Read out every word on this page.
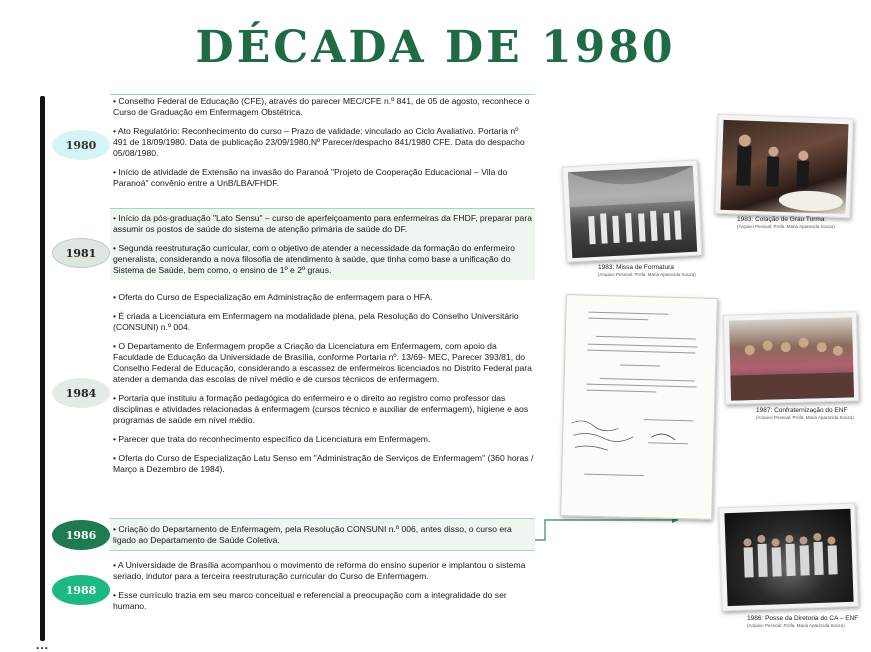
DÉCADA DE 1980
...
1980
1981
1984
1986
1988

• Conselho Federal de Educação (CFE), através do parecer MEC/CFE n.º 841, de 05 de agosto, reconhece o Curso de Graduação em Enfermagem Obstétrica.

• Ato Regulatório: Reconhecimento do curso – Prazo de validade: vinculado ao Ciclo Avaliativo. Portaria nº 491 de 18/09/1980. Data de publicação 23/09/1980.Nº Parecer/despacho 841/1980 CFE. Data do despacho 05/08/1980.

• Início de atividade de Extensão na invasão do Paranoá "Projeto de Cooperação Educacional – Vila do Paranoá" convênio entre a UnB/LBA/FHDF.

• Início da pós-graduação "Lato Sensu" – curso de aperfeiçoamento para enfermeiras da FHDF, preparar para assumir os postos de saúde do sistema de atenção primária de saúde do DF.

• Segunda reestruturação curricular, com o objetivo de atender a necessidade da formação do enfermeiro generalista, considerando a nova filosofia de atendimento à saúde, que tinha como base a unificação do Sistema de Saúde, bem como, o ensino de 1º e 2º graus.

• Oferta do Curso de Especialização em Administração de enfermagem para o HFA.

• É criada a Licenciatura em Enfermagem na modalidade plena, pela Resolução do Conselho Universitário (CONSUNI) n.º 004.

• O Departamento de Enfermagem propõe a Criação da Licenciatura em Enfermagem, com apoio da Faculdade de Educação da Universidade de Brasília, conforme Portaria nº. 13/69- MEC, Parecer 393/81, do Conselho Federal de Educação, considerando a escassez de enfermeiros licenciados no Distrito Federal para atender a demanda das escolas de nível médio e de cursos técnicos de enfermagem.

• Portaria que instituiu a formação pedagógica do enfermeiro e o direito ao registro como professor das disciplinas e atividades relacionadas à enfermagem (cursos técnico e auxiliar de enfermagem), higiene e aos programas de saúde em nível médio.

• Parecer que trata do reconhecimento específico da Licenciatura em Enfermagem.

• Oferta do Curso de Especialização Latu Senso em "Administração de Serviços de Enfermagem" (360 horas / Março a Dezembro de 1984).

• Criação do Departamento de Enfermagem, pela Resolução CONSUNI n.º 006, antes disso, o curso era ligado ao Departamento de Saúde Coletiva.

• A Universidade de Brasília acompanhou o movimento de reforma do ensino superior e implantou o sistema seriado, indutor para a terceira reestruturação curricular do Curso de Enfermagem.

• Esse currículo trazia em seu marco conceitual e referencial a preocupação com a integralidade do ser humano.

1983: Missa de Formatura
(Arquivo Pessoal: Profa. Maria Aparecida Souza)
1983: Colação de Grau Turma
(Arquivo Pessoal: Profa. Maria Aparecida Souza)
1987: Confraternização do ENF
(Arquivo Pessoal: Profa. Maria Aparecida Souza)
1986: Posse da Diretoria do CA – ENF
(Arquivo Pessoal: Profa. Maria Aparecida Souza)
